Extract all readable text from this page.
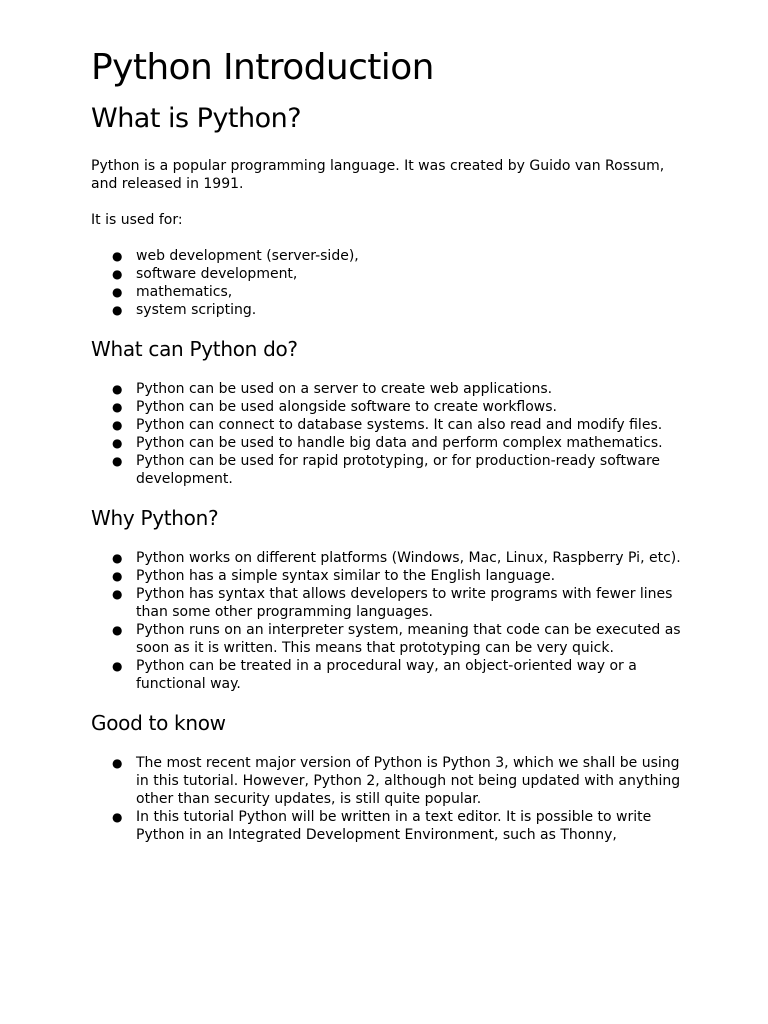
Python Introduction
What is Python?

Python is a popular programming language. It was created by Guido van Rossum, and released in 1991.

It is used for:

● web development (server-side),
● software development,
● mathematics,
● system scripting.
What can Python do?
● Python can be used on a server to create web applications.
● Python can be used alongside software to create workflows.
● Python can connect to database systems. It can also read and modify files.
● Python can be used to handle big data and perform complex mathematics.
● Python can be used for rapid prototyping, or for production-ready software development.
Why Python?
● Python works on different platforms (Windows, Mac, Linux, Raspberry Pi, etc).
● Python has a simple syntax similar to the English language.
● Python has syntax that allows developers to write programs with fewer lines than some other programming languages.
● Python runs on an interpreter system, meaning that code can be executed as soon as it is written. This means that prototyping can be very quick.
● Python can be treated in a procedural way, an object-oriented way or a functional way.
Good to know
● The most recent major version of Python is Python 3, which we shall be using in this tutorial. However, Python 2, although not being updated with anything other than security updates, is still quite popular.
● In this tutorial Python will be written in a text editor. It is possible to write Python in an Integrated Development Environment, such as Thonny,
